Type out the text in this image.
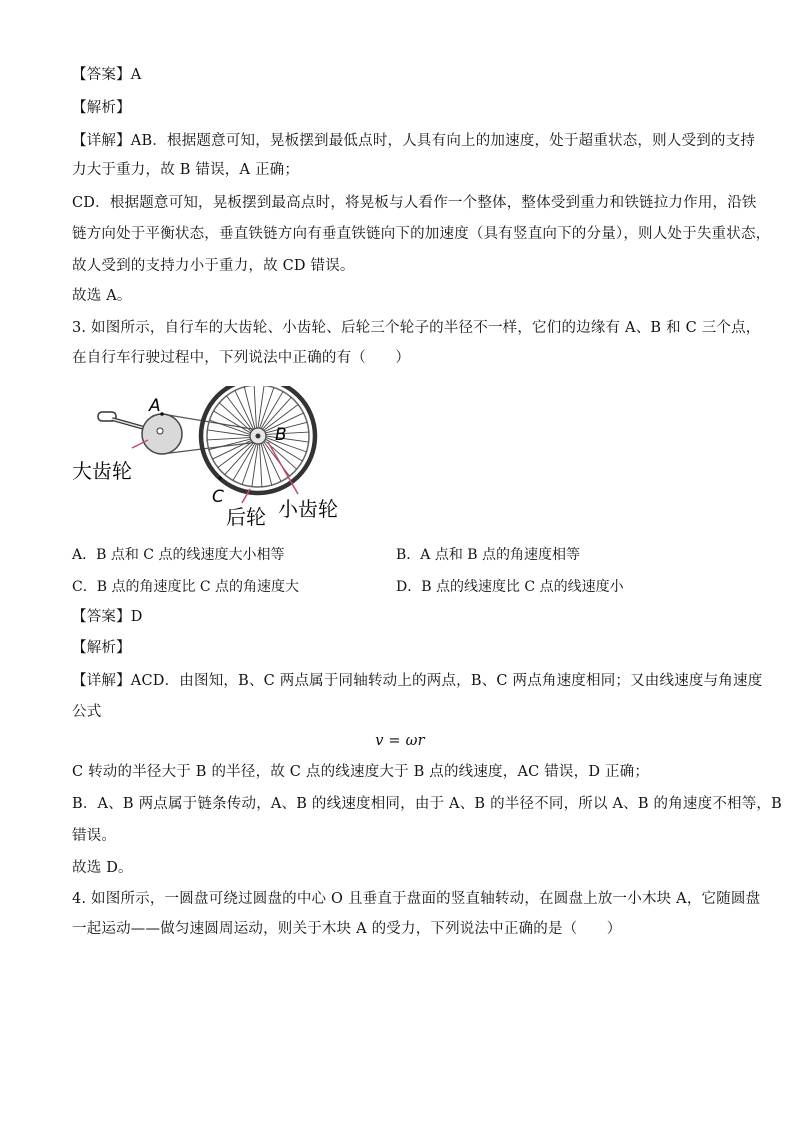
【答案】A
【解析】
【详解】AB．根据题意可知，晃板摆到最低点时，人具有向上的加速度，处于超重状态，则人受到的支持
力大于重力，故 B 错误，A 正确；
CD．根据题意可知，晃板摆到最高点时，将晃板与人看作一个整体，整体受到重力和铁链拉力作用，沿铁
链方向处于平衡状态，垂直铁链方向有垂直铁链向下的加速度（具有竖直向下的分量），则人处于失重状态，
故人受到的支持力小于重力，故 CD 错误。
故选 A。
3. 如图所示，自行车的大齿轮、小齿轮、后轮三个轮子的半径不一样，它们的边缘有 A、B 和 C 三个点，
在自行车行驶过程中，下列说法中正确的有（　　）
A
B
C
大齿轮
后轮 小齿轮
A．B 点和 C 点的线速度大小相等	B．A 点和 B 点的角速度相等
C．B 点的角速度比 C 点的角速度大	D．B 点的线速度比 C 点的线速度小
【答案】D
【解析】
【详解】ACD．由图知，B、C 两点属于同轴转动上的两点，B、C 两点角速度相同；又由线速度与角速度
公式
v = ωr
C 转动的半径大于 B 的半径，故 C 点的线速度大于 B 点的线速度，AC 错误，D 正确；
B．A、B 两点属于链条传动，A、B 的线速度相同，由于 A、B 的半径不同，所以 A、B 的角速度不相等，B
错误。
故选 D。
4. 如图所示，一圆盘可绕过圆盘的中心 O 且垂直于盘面的竖直轴转动，在圆盘上放一小木块 A，它随圆盘
一起运动——做匀速圆周运动，则关于木块 A 的受力，下列说法中正确的是（　　）
